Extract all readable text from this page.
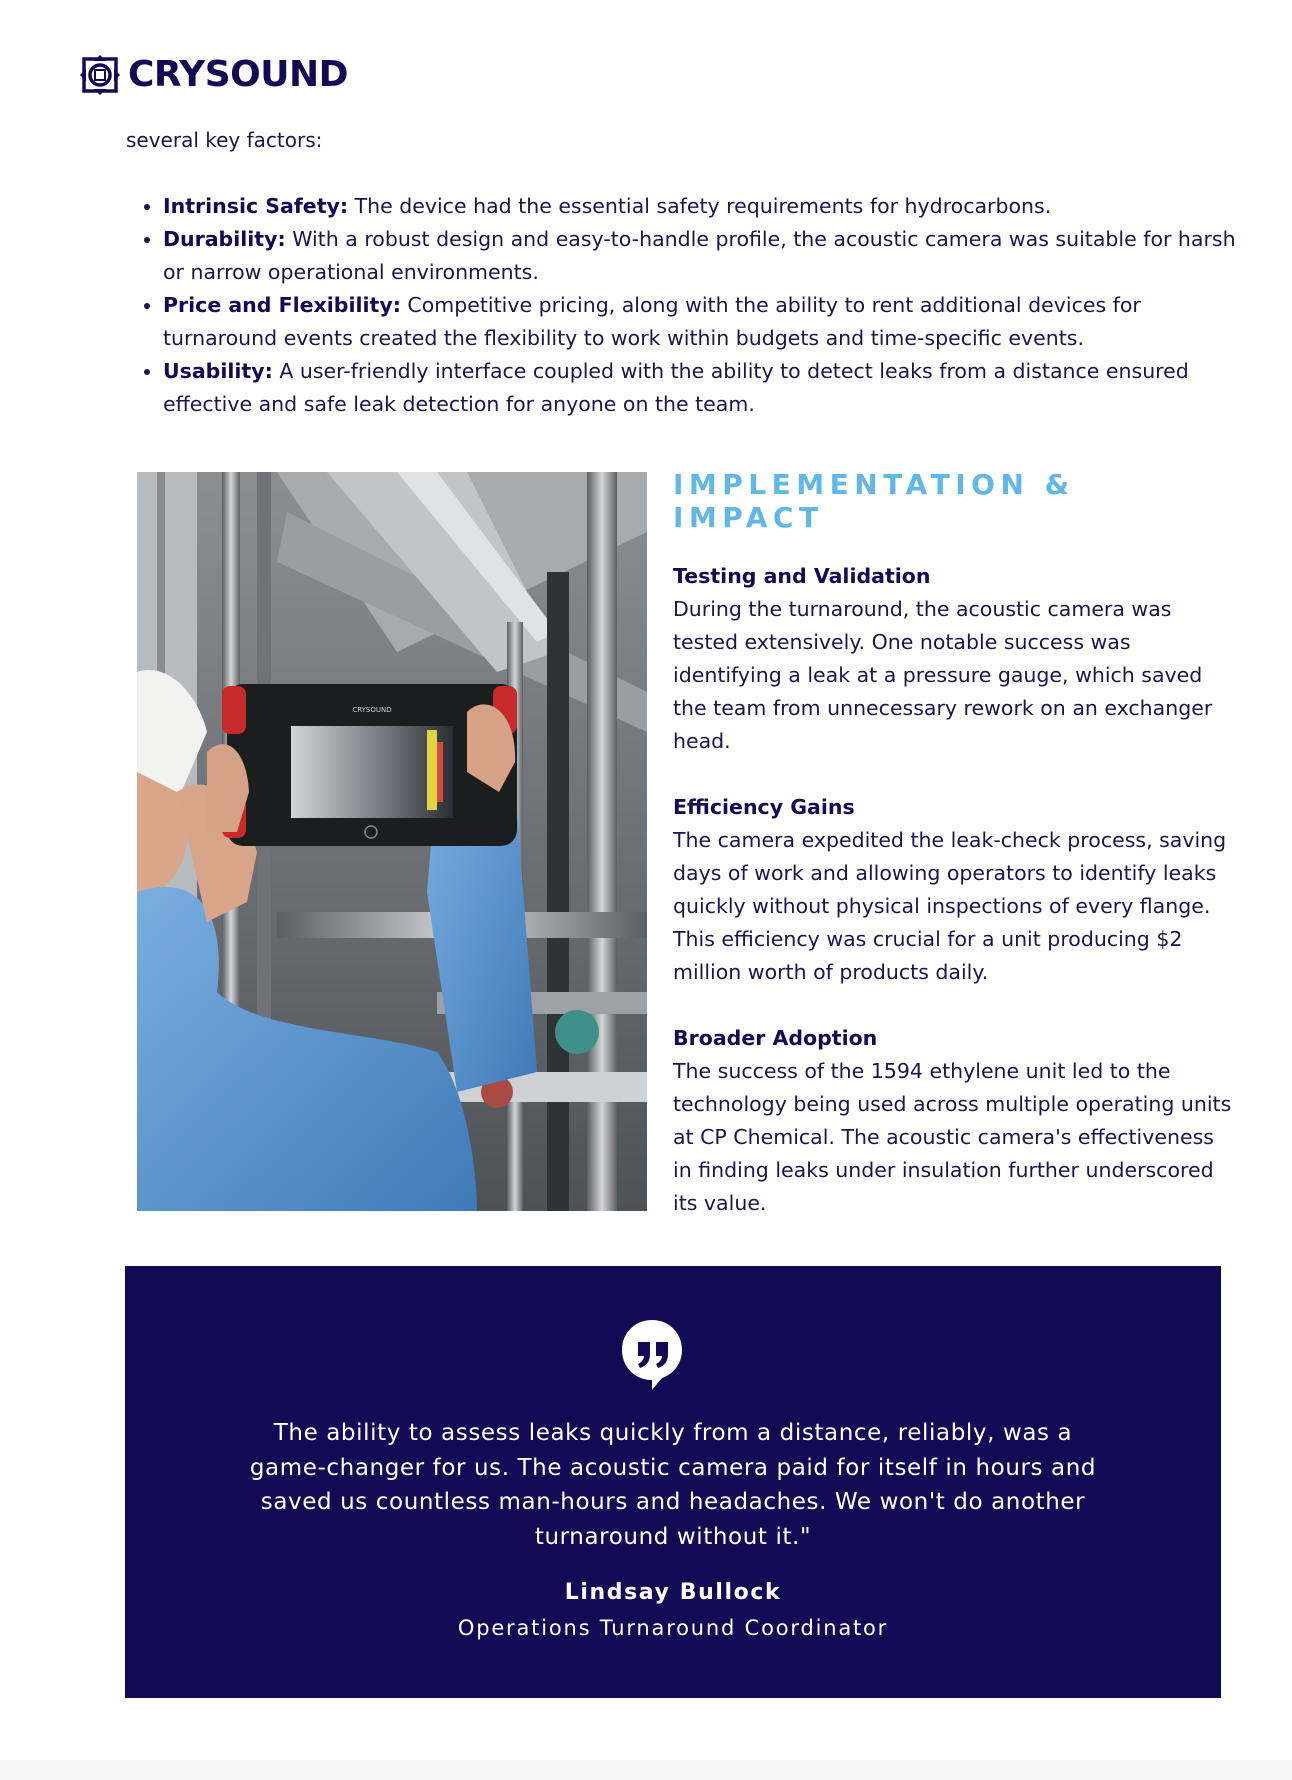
CRYSOUND
several key factors:
• Intrinsic Safety: The device had the essential safety requirements for hydrocarbons.
• Durability: With a robust design and easy-to-handle profile, the acoustic camera was suitable for harsh or narrow operational environments.
• Price and Flexibility: Competitive pricing, along with the ability to rent additional devices for turnaround events created the flexibility to work within budgets and time-specific events.
• Usability: A user-friendly interface coupled with the ability to detect leaks from a distance ensured effective and safe leak detection for anyone on the team.
CRYSOUND
IMPLEMENTATION & IMPACT
Testing and Validation

During the turnaround, the acoustic camera was tested extensively. One notable success was identifying a leak at a pressure gauge, which saved the team from unnecessary rework on an exchanger head.

Efficiency Gains

The camera expedited the leak-check process, saving days of work and allowing operators to identify leaks quickly without physical inspections of every flange. This efficiency was crucial for a unit producing $2 million worth of products daily.

Broader Adoption

The success of the 1594 ethylene unit led to the technology being used across multiple operating units at CP Chemical. The acoustic camera's effectiveness in finding leaks under insulation further underscored its value.

The ability to assess leaks quickly from a distance, reliably, was a game-changer for us. The acoustic camera paid for itself in hours and saved us countless man-hours and headaches. We won't do another turnaround without it."

Lindsay Bullock
Operations Turnaround Coordinator
